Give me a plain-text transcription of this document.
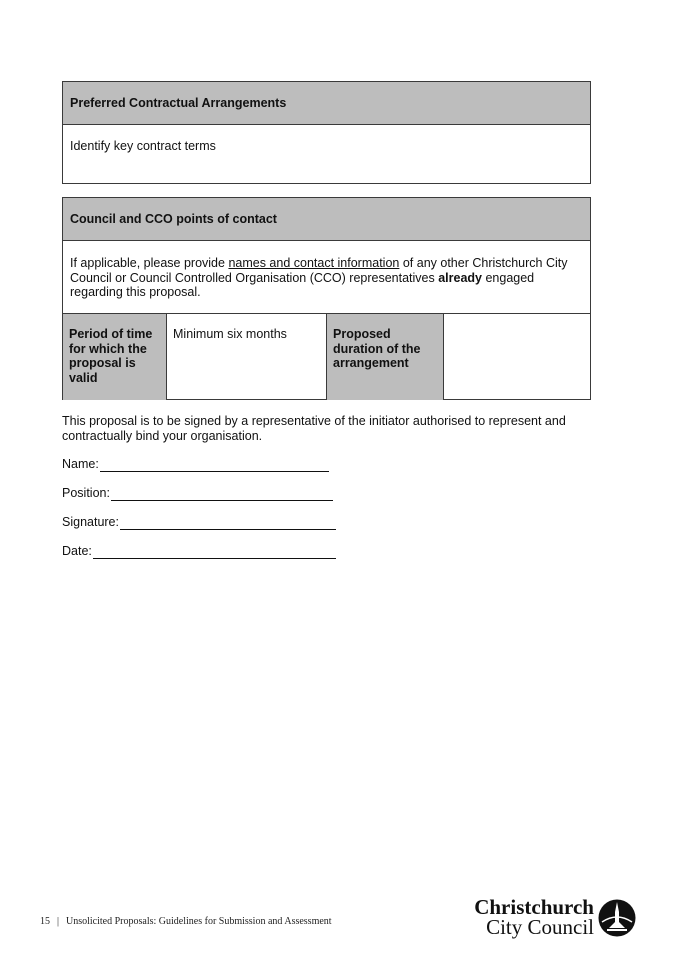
Preferred Contractual Arrangements
Identify key contract terms
Council and CCO points of contact
If applicable, please provide names and contact information of any other Christchurch City Council or Council Controlled Organisation (CCO) representatives already engaged regarding this proposal.
Period of time for which the proposal is valid
Minimum six months	Proposed duration of the arrangement
This proposal is to be signed by a representative of the initiator authorised to represent and contractually bind your organisation.
Name:
Position:
Signature:
Date:
15 | Unsolicited Proposals: Guidelines for Submission and Assessment
Christchurch
City Council
